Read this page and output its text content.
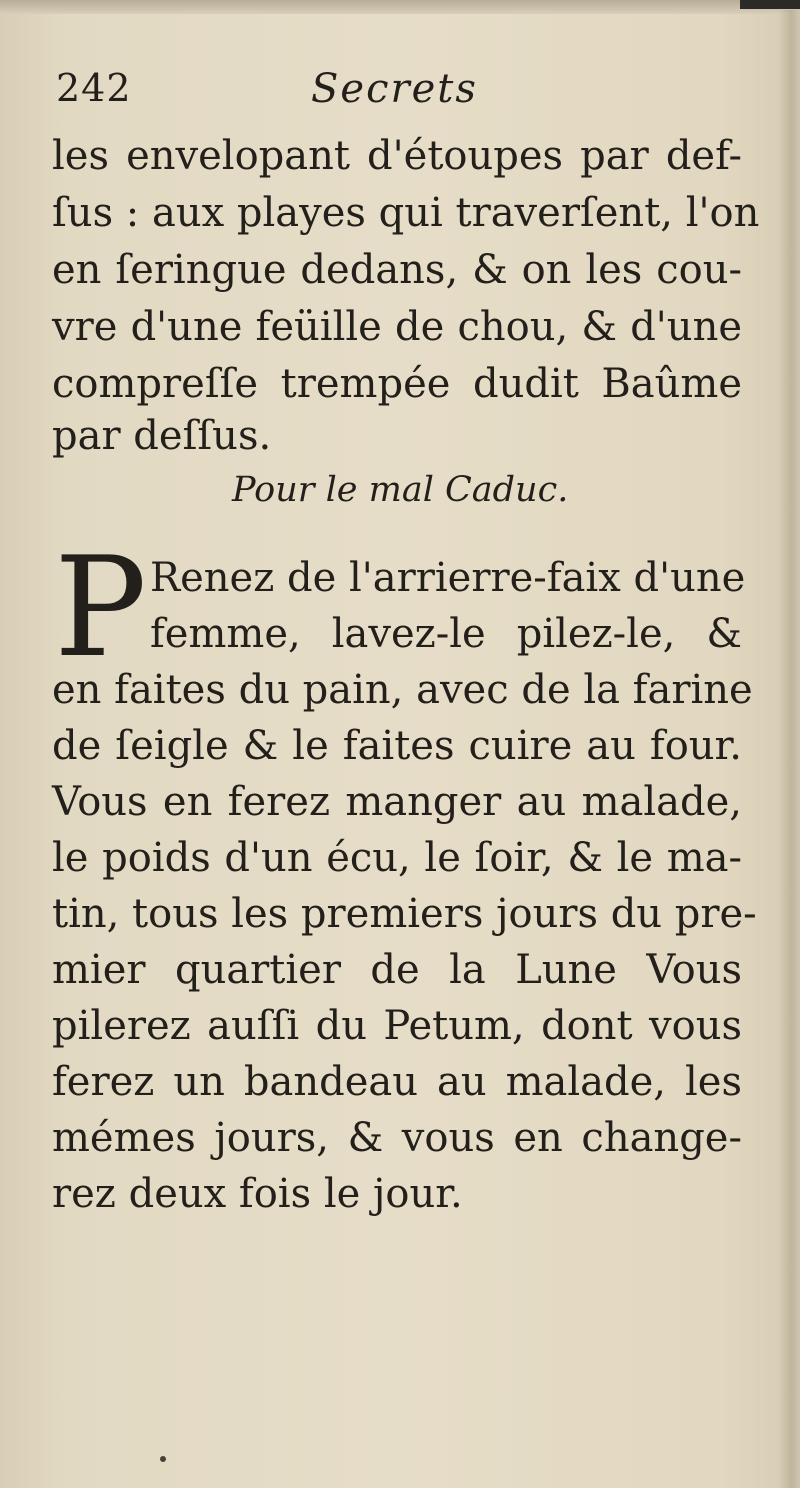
242	Secrets
les envelopant d'étoupes par def-
ſus : aux playes qui traverſent, l'on
en ſeringue dedans, & on les cou-
vre d'une feüille de chou, & d'une
compreſſe trempée dudit Baûme
par deſſus.
Pour le mal Caduc.
P Renez de l'arrierre-faix d'une
femme, lavez-le pilez-le, &
en faites du pain, avec de la farine
de ſeigle & le faites cuire au four.
Vous en ferez manger au malade,
le poids d'un écu, le ſoir, & le ma-
tin, tous les premiers jours du pre-
mier quartier de la Lune Vous
pilerez auſſi du Petum, dont vous
ferez un bandeau au malade, les
mémes jours, & vous en change-
rez deux fois le jour.
